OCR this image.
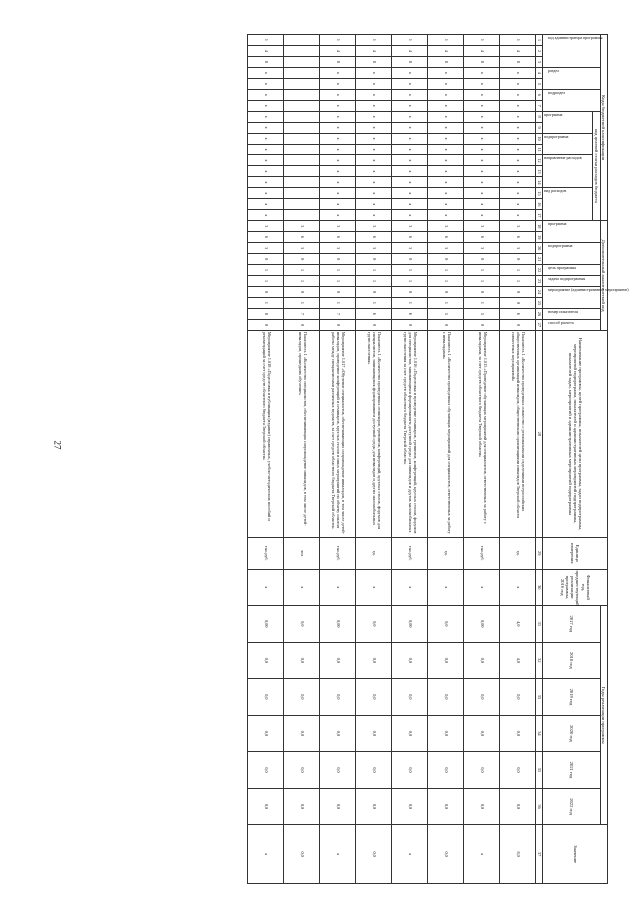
27
Коды бюджетной классификации																	Дополнительный аналитический код										Наименование программы, целей программы, показателей цели программы, задач подпрограммы, мероприятий подпрограмм, показателей и административных мероприятий подпрограммы, показателей задач, мероприятий и административных мероприятий подпрограммы	Единица измерения	Финансовый год, предшествующий реализации программы, 2016 год	Годы реализации программы						Значение

код администратора программы			раздел		подраздел		код целевой статьи расходов бюджета										программа		подпрограмма		цель программы	задача подпрограммы	мероприятие (административное мероприятие)		номер показателя	способ расчета				2017 год	2018 год	2019 год	2020 год	2021 год	2022 год	

							программа		подпрограмма		направление расходов			вид расходов																						

1	2	3	4	5	6	7	8	9	10	11	12	13	14	15	16	17	18	19	20	21	22	23	24	25	26	27	28	29	30	31	32	33	34	35	36	37
1	4	8	х	х	х	х	х	х	х	х	х	х	х	х	х	х	3	6	3	0	1	1	0	0	6	0	Показатель 1 «Количество проведенных совместно с региональными отделениями всероссийских общественных организаций инвалидов, общественными организациями инвалидов Тверской области совместных мероприятий»	ед.	х	4,0	4,0	0,0	0,0	0,0	0,0	8,0
1	4	8	х	х	х	х	х	х	х	х	х	х	х	х	х	х	3	6	3	0	1	1	0	1	5	0	Мероприятие 1.015 «Проведение обучающих мероприятий для специалистов, ответственных за работу с инвалидами, за счет средств областного бюджета Тверской области»	тыс.руб.	х	0,00	0,0	0,0	0,0	0,0	0,0	х
1	4	8	х	х	х	х	х	х	х	х	х	х	х	х	х	х	3	6	3	0	1	1	0	1	5	0	Показатель 1 «Количество проведенных обучающих мероприятий для специалистов, ответственных за работу с инвалидами»	ед.	х	0,0	0,0	0,0	0,0	0,0	0,0	0,0
1	4	8	х	х	х	х	х	х	х	х	х	х	х	х	х	х	3	6	3	0	1	1	0	1	6	0	Мероприятие 1.016 «Подготовка и проведение семинаров, тренингов, конференций, круглых столов, форумов для специалистов, занимающихся формированием доступной среды для инвалидов и других маломобильных групп населения за счет средств областного бюджета Тверской области»	тыс.руб.	х	0,00	0,0	0,0	0,0	0,0	0,0	х
1	4	8	х	х	х	х	х	х	х	х	х	х	х	х	х	х	3	6	3	0	1	1	0	1	6	0	Показатель 1 «Количество проведенных семинаров, тренингов, конференций, круглых столов, форумов для специалистов, занимающихся формированием доступной среды для инвалидов и других маломобильных групп населения»	ед.	х	0,0	0,0	0,0	0,0	0,0	0,0	0,0
1	4	8	х	х	х	х	х	х	х	х	х	х	х	х	х	х	3	6	3	0	1	1	0	1	7	0	Мероприятие 1.017 «Обучение специалистов, обеспечивающих сопровождение инвалидов, в том числе детей-инвалидов, проведение конференций и семинаров, круглых столов и иных мероприятий по обмену опытом работы между специалистами различных ведомств, за счет средств областного бюджета Тверской области»	тыс.руб.	х	0,00	0,0	0,0	0,0	0,0	0,0	х
																	3	6	3	0	1	1	0	1	7	0	Показатель 1 «Количество специалистов, обеспечивающих сопровождение инвалидов, в том числе детей-инвалидов, прошедших обучение»	чел	х	0,0	0,0	0,0	0,0	0,0	0,0	0,0
1	4	8	х	х	х	х	х	х	х	х	х	х	х	х	х	х	3	6	3	0	1	1	0	1	8	0	Мероприятие 1.018 «Подготовка и публикация (издание) справочных, учебно-методических пособий и рекомендаций за счет средств областного бюджета Тверской области»	тыс.руб.	х	0,00	0,0	0,0	0,0	0,0	0,0	х
